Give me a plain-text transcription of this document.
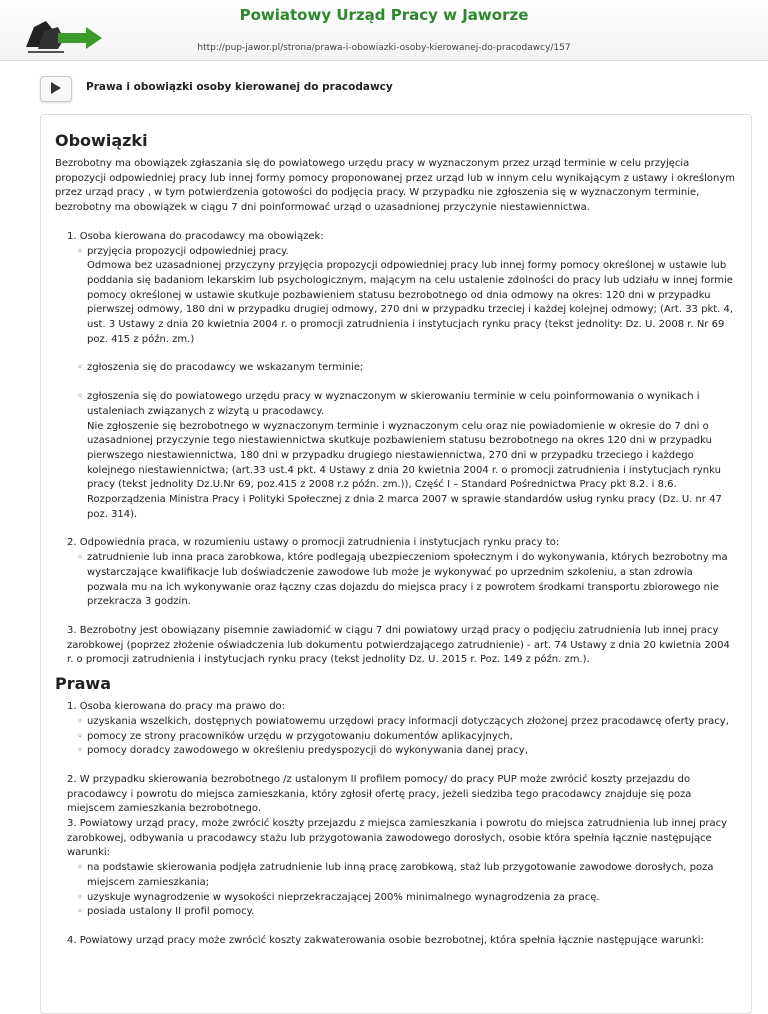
Powiatowy Urząd Pracy w Jaworze
http://pup-jawor.pl/strona/prawa-i-obowiazki-osoby-kierowanej-do-pracodawcy/157
Prawa i obowiązki osoby kierowanej do pracodawcy
Obowiązki

Bezrobotny ma obowiązek zgłaszania się do powiatowego urzędu pracy w wyznaczonym przez urząd terminie w celu przyjęcia propozycji odpowiedniej pracy lub innej formy pomocy proponowanej przez urząd lub w innym celu wynikającym z ustawy i określonym przez urząd pracy , w tym potwierdzenia gotowości do podjęcia pracy. W przypadku nie zgłoszenia się w wyznaczonym terminie, bezrobotny ma obowiązek w ciągu 7 dni poinformować urząd o uzasadnionej przyczynie niestawiennictwa.

1. Osoba kierowana do pracodawcy ma obowiązek:
◦ przyjęcia propozycji odpowiedniej pracy.
Odmowa bez uzasadnionej przyczyny przyjęcia propozycji odpowiedniej pracy lub innej formy pomocy określonej w ustawie lub poddania się badaniom lekarskim lub psychologicznym, mającym na celu ustalenie zdolności do pracy lub udziału w innej formie pomocy określonej w ustawie skutkuje pozbawieniem statusu bezrobotnego od dnia odmowy na okres: 120 dni w przypadku pierwszej odmowy, 180 dni w przypadku drugiej odmowy, 270 dni w przypadku trzeciej i każdej kolejnej odmowy; (Art. 33 pkt. 4, ust. 3 Ustawy z dnia 20 kwietnia 2004 r. o promocji zatrudnienia i instytucjach rynku pracy (tekst jednolity: Dz. U. 2008 r. Nr 69 poz. 415 z późn. zm.)
◦ zgłoszenia się do pracodawcy we wskazanym terminie;
◦ zgłoszenia się do powiatowego urzędu pracy w wyznaczonym w skierowaniu terminie w celu poinformowania o wynikach i ustaleniach związanych z wizytą u pracodawcy.
Nie zgłoszenie się bezrobotnego w wyznaczonym terminie i wyznaczonym celu oraz nie powiadomienie w okresie do 7 dni o uzasadnionej przyczynie tego niestawiennictwa skutkuje pozbawieniem statusu bezrobotnego na okres 120 dni w przypadku pierwszego niestawiennictwa, 180 dni w przypadku drugiego niestawiennictwa, 270 dni w przypadku trzeciego i każdego kolejnego niestawiennictwa; (art.33 ust.4 pkt. 4 Ustawy z dnia 20 kwietnia 2004 r. o promocji zatrudnienia i instytucjach rynku pracy (tekst jednolity Dz.U.Nr 69, poz.415 z 2008 r.z późn. zm.)), Część I – Standard Pośrednictwa Pracy pkt 8.2. i 8.6. Rozporządzenia Ministra Pracy i Polityki Społecznej z dnia 2 marca 2007 w sprawie standardów usług rynku pracy (Dz. U. nr 47 poz. 314).
2. Odpowiednia praca, w rozumieniu ustawy o promocji zatrudnienia i instytucjach rynku pracy to:
◦ zatrudnienie lub inna praca zarobkowa, które podlegają ubezpieczeniom społecznym i do wykonywania, których bezrobotny ma wystarczające kwalifikacje lub doświadczenie zawodowe lub może je wykonywać po uprzednim szkoleniu, a stan zdrowia pozwala mu na ich wykonywanie oraz łączny czas dojazdu do miejsca pracy i z powrotem środkami transportu zbiorowego nie przekracza 3 godzin.
3. Bezrobotny jest obowiązany pisemnie zawiadomić w ciągu 7 dni powiatowy urząd pracy o podjęciu zatrudnienia lub innej pracy zarobkowej (poprzez złożenie oświadczenia lub dokumentu potwierdzającego zatrudnienie) - art. 74 Ustawy z dnia 20 kwietnia 2004 r. o promocji zatrudnienia i instytucjach rynku pracy (tekst jednolity Dz. U. 2015 r. Poz. 149 z późn. zm.).
Prawa
1. Osoba kierowana do pracy ma prawo do:
◦ uzyskania wszelkich, dostępnych powiatowemu urzędowi pracy informacji dotyczących złożonej przez pracodawcę oferty pracy,
◦ pomocy ze strony pracowników urzędu w przygotowaniu dokumentów aplikacyjnych,
◦ pomocy doradcy zawodowego w określeniu predyspozycji do wykonywania danej pracy,
2. W przypadku skierowania bezrobotnego /z ustalonym II profilem pomocy/ do pracy PUP może zwrócić koszty przejazdu do pracodawcy i powrotu do miejsca zamieszkania, który zgłosił ofertę pracy, jeżeli siedziba tego pracodawcy znajduje się poza miejscem zamieszkania bezrobotnego.
3. Powiatowy urząd pracy, może zwrócić koszty przejazdu z miejsca zamieszkania i powrotu do miejsca zatrudnienia lub innej pracy zarobkowej, odbywania u pracodawcy stażu lub przygotowania zawodowego dorosłych, osobie która spełnia łącznie następujące warunki:
◦ na podstawie skierowania podjęła zatrudnienie lub inną pracę zarobkową, staż lub przygotowanie zawodowe dorosłych, poza miejscem zamieszkania;
◦ uzyskuje wynagrodzenie w wysokości nieprzekraczającej 200% minimalnego wynagrodzenia za pracę.
◦ posiada ustalony II profil pomocy.
4. Powiatowy urząd pracy może zwrócić koszty zakwaterowania osobie bezrobotnej, która spełnia łącznie następujące warunki:
